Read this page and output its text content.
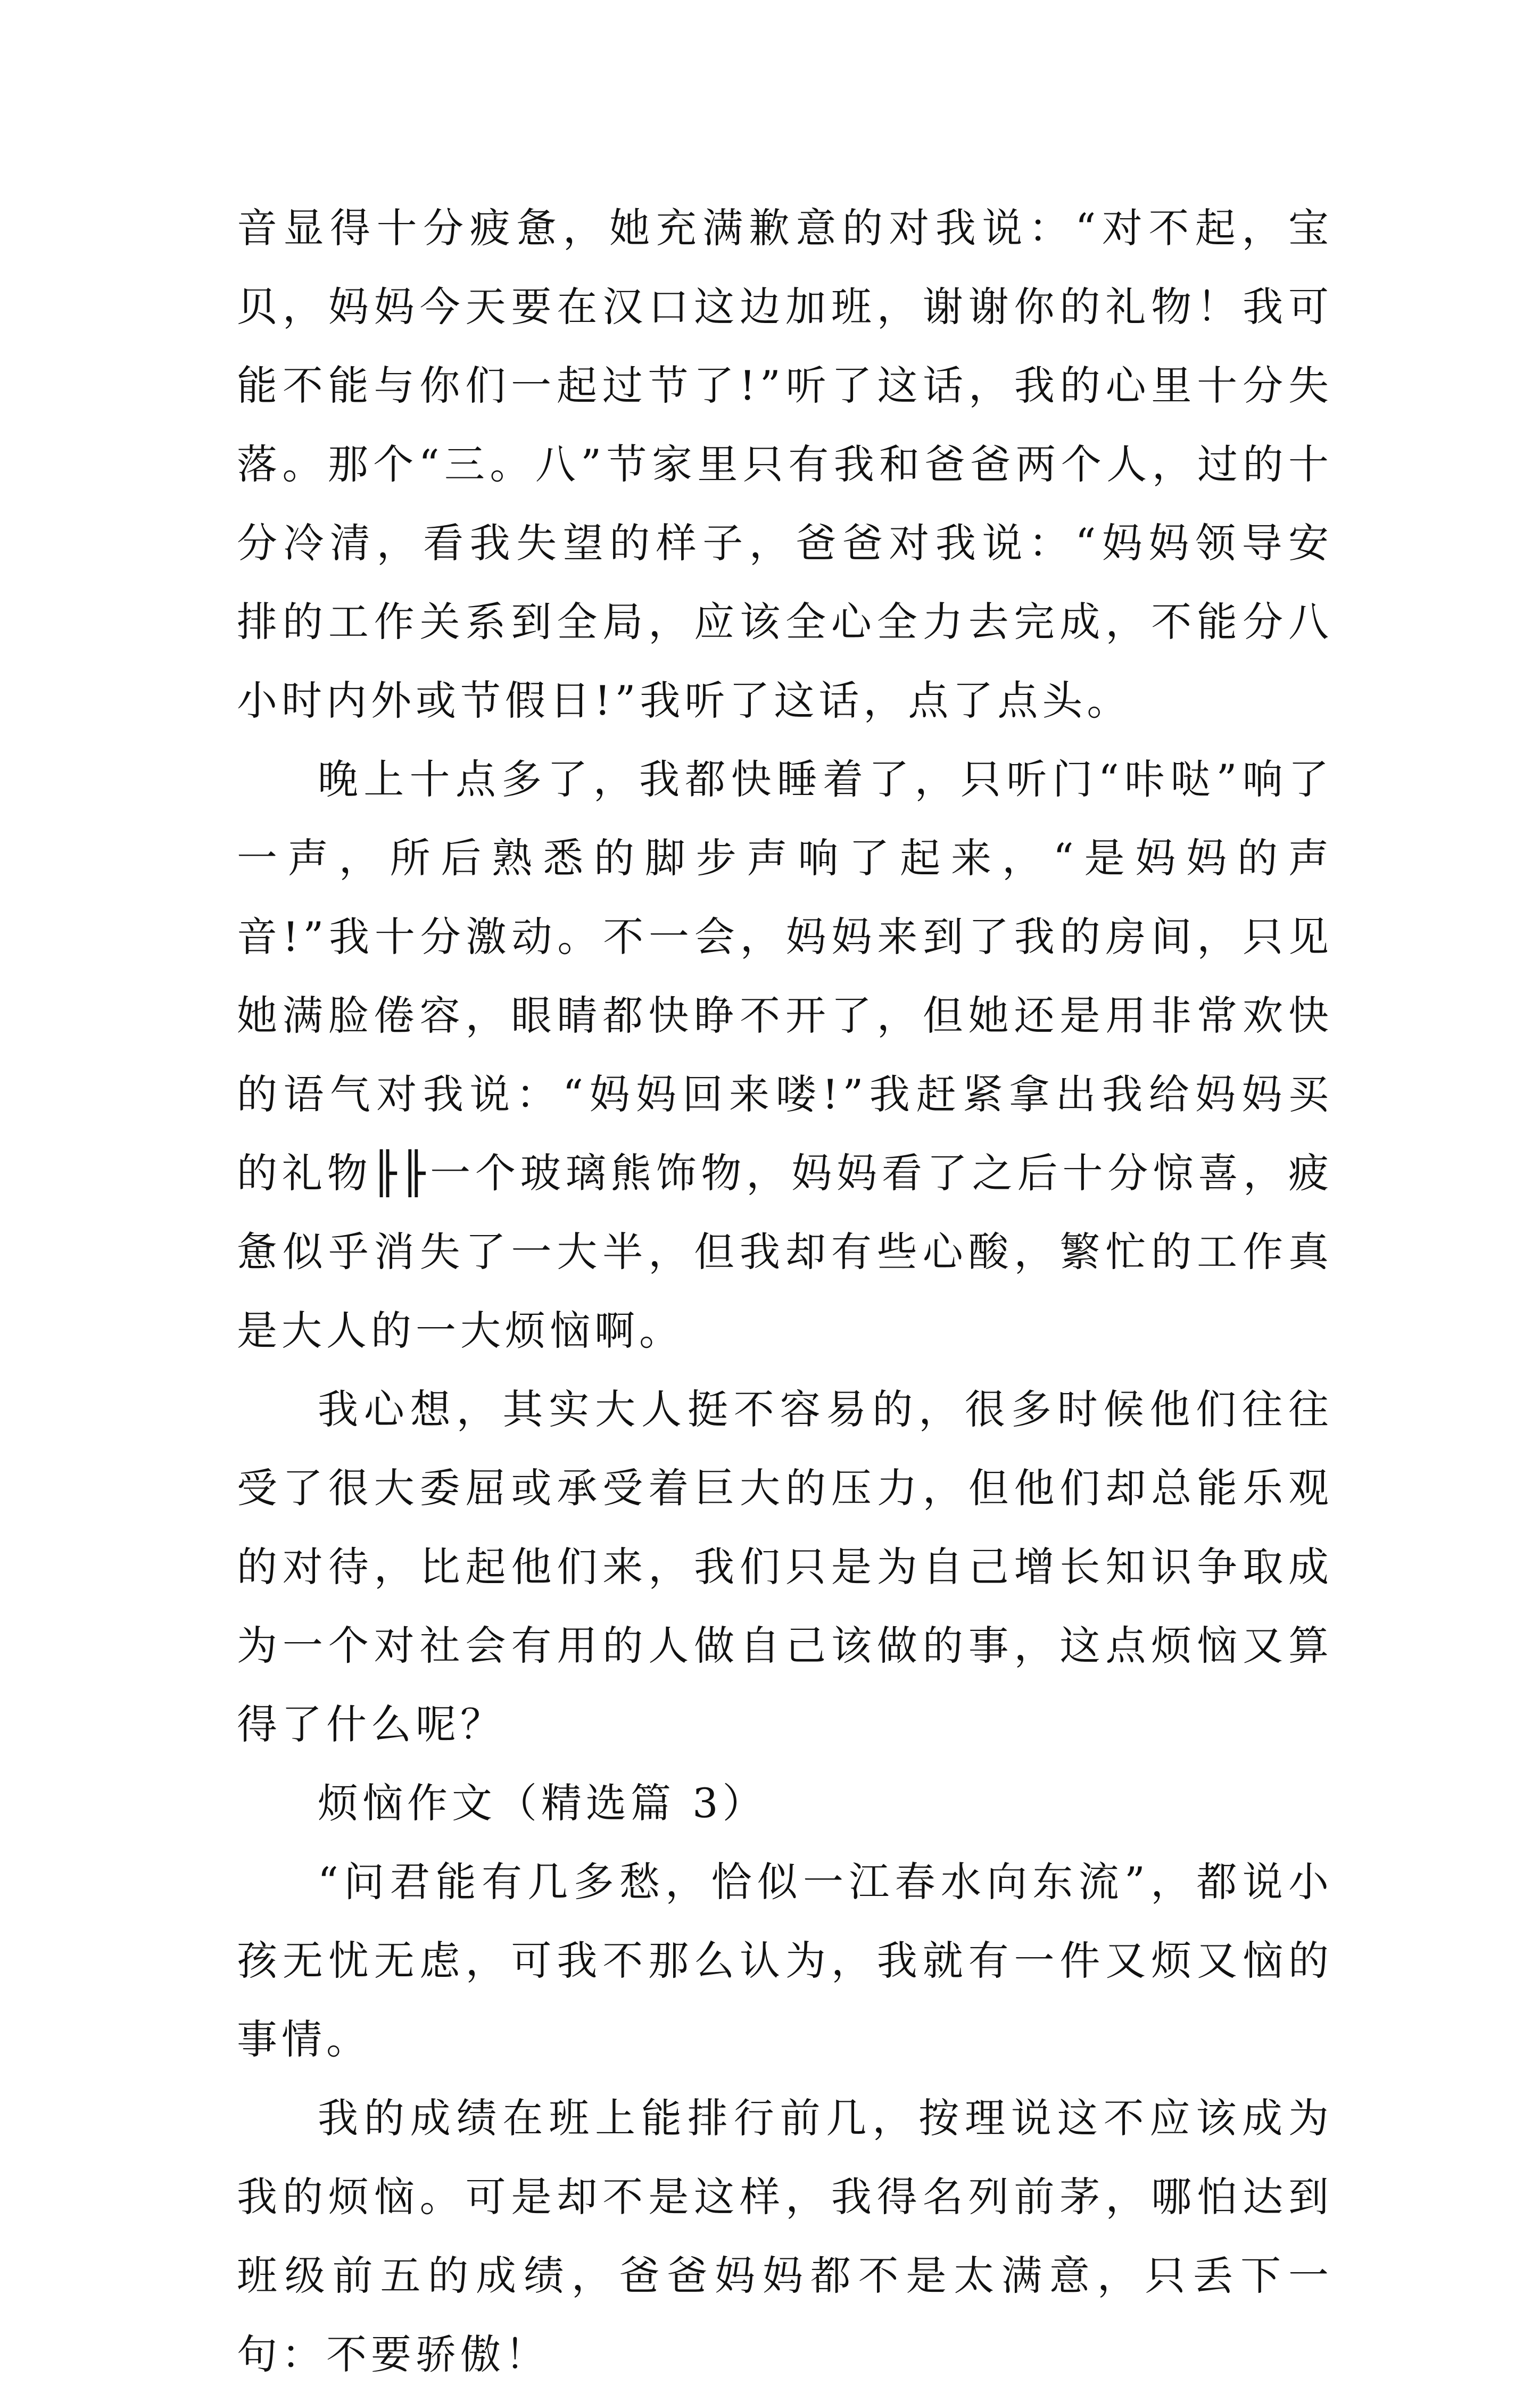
音显得十分疲惫，她充满歉意的对我说：“对不起，宝贝，妈妈今天要在汉口这边加班，谢谢你的礼物！我可能不能与你们一起过节了!”听了这话，我的心里十分失落。那个“三。八”节家里只有我和爸爸两个人，过的十分冷清，看我失望的样子，爸爸对我说：“妈妈领导安排的工作关系到全局，应该全心全力去完成，不能分八小时内外或节假日!”我听了这话，点了点头。

晚上十点多了，我都快睡着了，只听门“咔哒”响了一声，所后熟悉的脚步声响了起来，“是妈妈的声音!”我十分激动。不一会，妈妈来到了我的房间，只见她满脸倦容，眼睛都快睁不开了，但她还是用非常欢快的语气对我说：“妈妈回来喽!”我赶紧拿出我给妈妈买的礼物╟╟一个玻璃熊饰物，妈妈看了之后十分惊喜，疲惫似乎消失了一大半，但我却有些心酸，繁忙的工作真是大人的一大烦恼啊。

我心想，其实大人挺不容易的，很多时候他们往往受了很大委屈或承受着巨大的压力，但他们却总能乐观的对待，比起他们来，我们只是为自己增长知识争取成为一个对社会有用的人做自己该做的事，这点烦恼又算得了什么呢？

烦恼作文（精选篇 3）

“问君能有几多愁，恰似一江春水向东流”，都说小孩无忧无虑，可我不那么认为，我就有一件又烦又恼的事情。

我的成绩在班上能排行前几，按理说这不应该成为我的烦恼。可是却不是这样，我得名列前茅，哪怕达到班级前五的成绩，爸爸妈妈都不是太满意，只丢下一句：不要骄傲！
